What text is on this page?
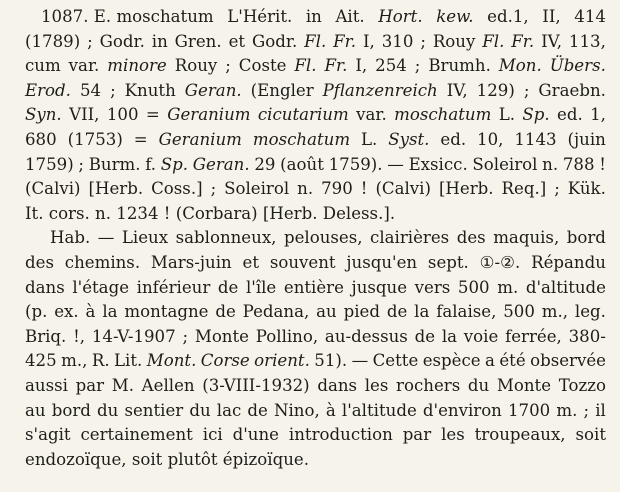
1087. E. moschatum L'Hérit. in Ait. Hort. kew. ed.1, II, 414
(1789) ; Godr. in Gren. et Godr. Fl. Fr. I, 310 ; Rouy Fl. Fr. IV, 113,
cum var. minore Rouy ; Coste Fl. Fr. I, 254 ; Brumh. Mon. Übers.
Erod. 54 ; Knuth Geran. (Engler Pflanzenreich IV, 129) ; Graebn.
Syn. VII, 100 = Geranium cicutarium var. moschatum L. Sp. ed. 1,
680 (1753) = Geranium moschatum L. Syst. ed. 10, 1143 (juin
1759) ; Burm. f. Sp. Geran. 29 (août 1759). — Exsicc. Soleirol n. 788 !
(Calvi) [Herb. Coss.] ; Soleirol n. 790 ! (Calvi) [Herb. Req.] ; Kük.
It. cors. n. 1234 ! (Corbara) [Herb. Deless.].
Hab. — Lieux sablonneux, pelouses, clairières des maquis, bord
des chemins. Mars-juin et souvent jusqu'en sept. ①-②. Répandu
dans l'étage inférieur de l'île entière jusque vers 500 m. d'altitude
(p. ex. à la montagne de Pedana, au pied de la falaise, 500 m., leg.
Briq. !, 14-V-1907 ; Monte Pollino, au-dessus de la voie ferrée, 380-
425 m., R. Lit. Mont. Corse orient. 51). — Cette espèce a été observée
aussi par M. Aellen (3-VIII-1932) dans les rochers du Monte Tozzo
au bord du sentier du lac de Nino, à l'altitude d'environ 1700 m. ; il
s'agit certainement ici d'une introduction par les troupeaux, soit
endozoïque, soit plutôt épizoïque.
